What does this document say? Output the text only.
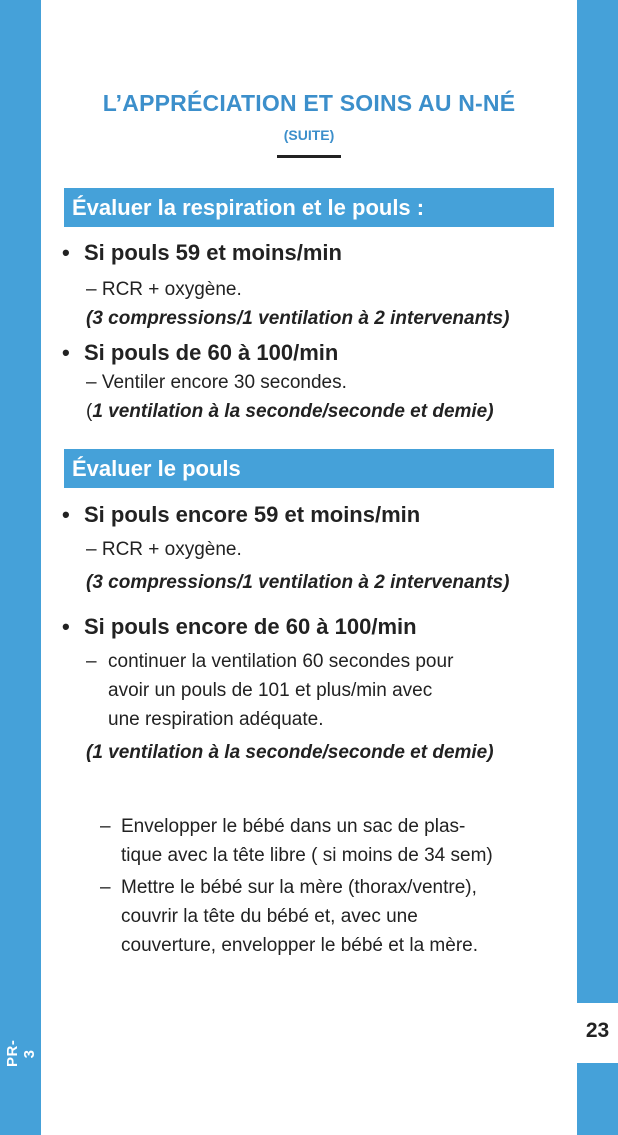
23
PR-3
L’APPRÉCIATION ET SOINS AU N-NÉ
(SUITE)
Évaluer la respiration et le pouls :
• Si pouls 59 et moins/min
– RCR + oxygène.
(3 compressions/1 ventilation à 2 intervenants)
• Si pouls de 60 à 100/min
– Ventiler encore 30 secondes.
(1 ventilation à la seconde/seconde et demie)
Évaluer le pouls
• Si pouls encore 59 et moins/min
– RCR + oxygène.
(3 compressions/1 ventilation à 2 intervenants)
• Si pouls encore de 60 à 100/min
– continuer la ventilation 60 secondes pour
avoir un pouls de 101 et plus/min avec
une respiration adéquate.
(1 ventilation à la seconde/seconde et demie)
– Envelopper le bébé dans un sac de plas-
tique avec la tête libre ( si moins de 34 sem)
– Mettre le bébé sur la mère (thorax/ventre),
couvrir la tête du bébé et, avec une
couverture, envelopper le bébé et la mère.
